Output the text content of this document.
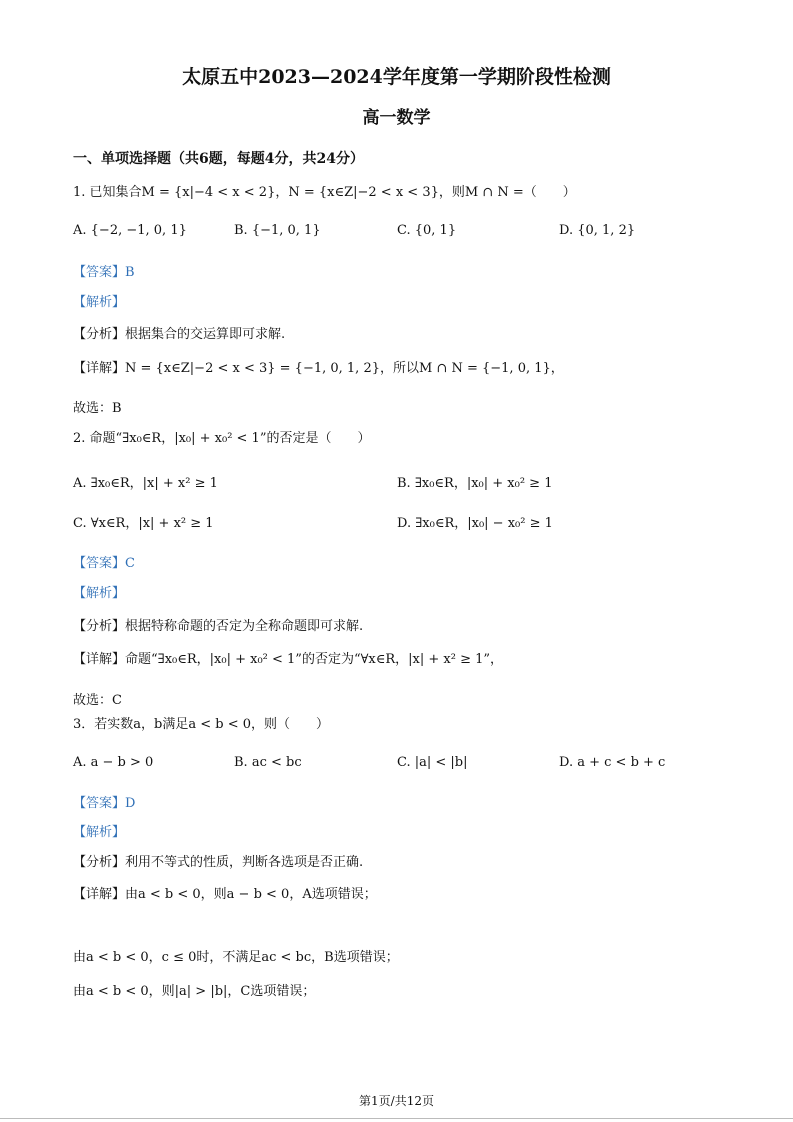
太原五中2023—2024学年度第一学期阶段性检测
高一数学
一、单项选择题（共6题，每题4分，共24分）
1. 已知集合M = {x|−4 < x < 2}，N = {x∈Z|−2 < x < 3}，则M ∩ N =（　　）
A. {−2, −1, 0, 1}	B. {−1, 0, 1}	C. {0, 1}	D. {0, 1, 2}
【答案】B
【解析】
【分析】根据集合的交运算即可求解.
【详解】N = {x∈Z|−2 < x < 3} = {−1, 0, 1, 2}，所以M ∩ N = {−1, 0, 1}，
故选：B
2. 命题“∃x₀∈R，|x₀| + x₀² < 1”的否定是（　　）
A. ∃x₀∈R，|x| + x² ≥ 1	B. ∃x₀∈R，|x₀| + x₀² ≥ 1
C. ∀x∈R，|x| + x² ≥ 1	D. ∃x₀∈R，|x₀| − x₀² ≥ 1
【答案】C
【解析】
【分析】根据特称命题的否定为全称命题即可求解.
【详解】命题“∃x₀∈R，|x₀| + x₀² < 1”的否定为“∀x∈R，|x| + x² ≥ 1”，
故选：C
3．若实数a，b满足a < b < 0，则（　　）
A. a − b > 0	B. ac < bc	C. |a| < |b|	D. a + c < b + c
【答案】D
【解析】
【分析】利用不等式的性质，判断各选项是否正确.
【详解】由a < b < 0，则a − b < 0，A选项错误；
由a < b < 0，c ≤ 0时，不满足ac < bc，B选项错误；
由a < b < 0，则|a| > |b|，C选项错误；
第1页/共12页
